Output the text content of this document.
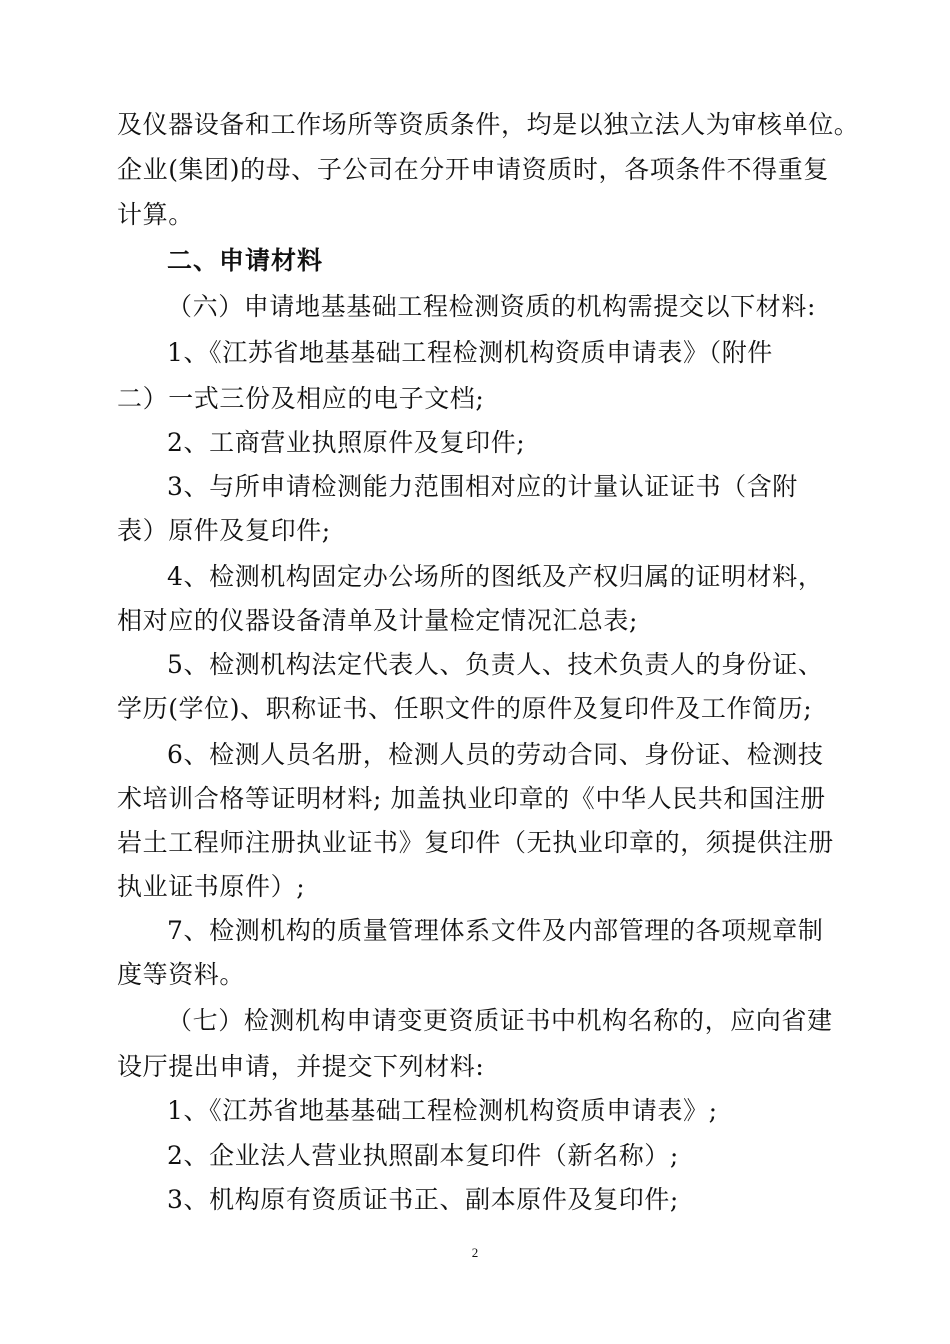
及仪器设备和工作场所等资质条件，均是以独立法人为审核单位。
企业(集团)的母、子公司在分开申请资质时，各项条件不得重复
计算。
二、申请材料
（六）申请地基基础工程检测资质的机构需提交以下材料:
1、《江苏省地基基础工程检测机构资质申请表》（附件
二）一式三份及相应的电子文档;
2、工商营业执照原件及复印件;
3、与所申请检测能力范围相对应的计量认证证书（含附
表）原件及复印件;
4、检测机构固定办公场所的图纸及产权归属的证明材料，
相对应的仪器设备清单及计量检定情况汇总表;
5、检测机构法定代表人、负责人、技术负责人的身份证、
学历(学位)、职称证书、任职文件的原件及复印件及工作简历;
6、检测人员名册，检测人员的劳动合同、身份证、检测技
术培训合格等证明材料; 加盖执业印章的《中华人民共和国注册
岩土工程师注册执业证书》复印件（无执业印章的，须提供注册
执业证书原件）;
7、检测机构的质量管理体系文件及内部管理的各项规章制
度等资料。
（七）检测机构申请变更资质证书中机构名称的，应向省建
设厅提出申请，并提交下列材料:
1、《江苏省地基基础工程检测机构资质申请表》;
2、企业法人营业执照副本复印件（新名称）;
3、机构原有资质证书正、副本原件及复印件;
2
